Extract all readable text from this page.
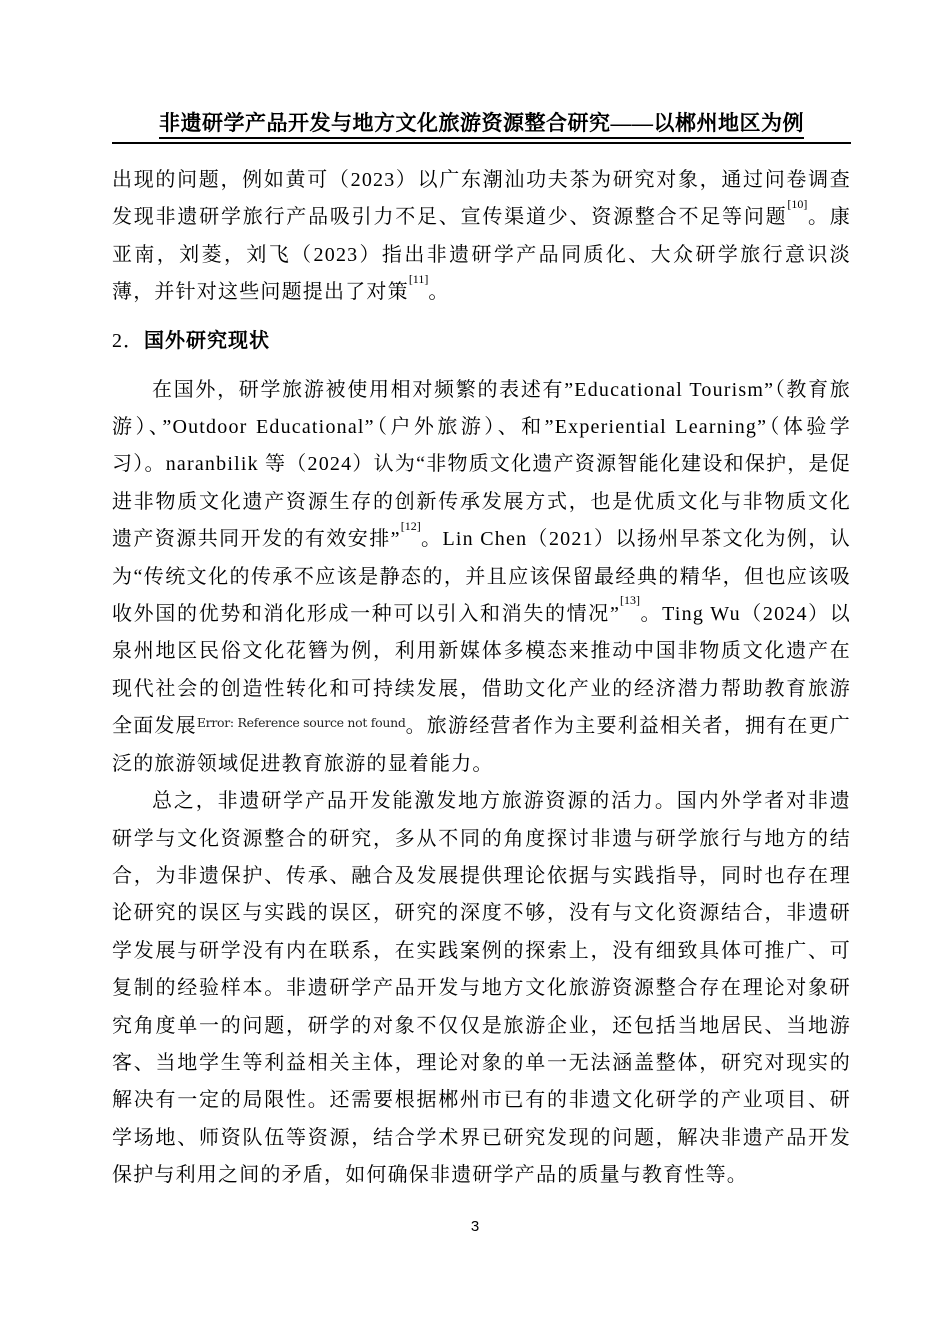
非遗研学产品开发与地方文化旅游资源整合研究——以郴州地区为例

出现的问题，例如黄可（2023）以广东潮汕功夫茶为研究对象，通过问卷调查发现非遗研学旅行产品吸引力不足、宣传渠道少、资源整合不足等问题[10]。康亚南，刘菱，刘飞（2023）指出非遗研学产品同质化、大众研学旅行意识淡薄，并针对这些问题提出了对策[11]。

2．国外研究现状

在国外，研学旅游被使用相对频繁的表述有”Educational Tourism”（教育旅游）、”Outdoor Educational”（户外旅游）、和”Experiential Learning”（体验学习）。naranbilik 等（2024）认为“非物质文化遗产资源智能化建设和保护，是促进非物质文化遗产资源生存的创新传承发展方式，也是优质文化与非物质文化遗产资源共同开发的有效安排”[12]。Lin Chen（2021）以扬州早茶文化为例，认为“传统文化的传承不应该是静态的，并且应该保留最经典的精华，但也应该吸收外国的优势和消化形成一种可以引入和消失的情况”[13]。Ting Wu（2024）以泉州地区民俗文化花簪为例，利用新媒体多模态来推动中国非物质文化遗产在现代社会的创造性转化和可持续发展，借助文化产业的经济潜力帮助教育旅游全面发展$^{Error: Reference source not found}$。旅游经营者作为主要利益相关者，拥有在更广泛的旅游领域促进教育旅游的显着能力。

总之，非遗研学产品开发能激发地方旅游资源的活力。国内外学者对非遗研学与文化资源整合的研究，多从不同的角度探讨非遗与研学旅行与地方的结合，为非遗保护、传承、融合及发展提供理论依据与实践指导，同时也存在理论研究的误区与实践的误区，研究的深度不够，没有与文化资源结合，非遗研学发展与研学没有内在联系，在实践案例的探索上，没有细致具体可推广、可复制的经验样本。非遗研学产品开发与地方文化旅游资源整合存在理论对象研究角度单一的问题，研学的对象不仅仅是旅游企业，还包括当地居民、当地游客、当地学生等利益相关主体，理论对象的单一无法涵盖整体，研究对现实的解决有一定的局限性。还需要根据郴州市已有的非遗文化研学的产业项目、研学场地、师资队伍等资源，结合学术界已研究发现的问题，解决非遗产品开发保护与利用之间的矛盾，如何确保非遗研学产品的质量与教育性等。

3
